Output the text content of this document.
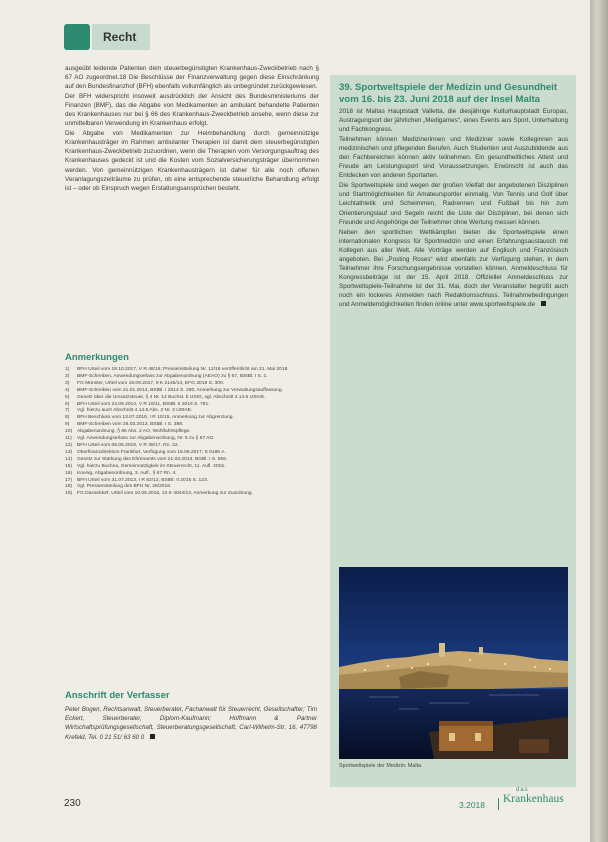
Recht

ausgeübt leidende Patienten dem steuerbegünstigten Krankenhaus-Zweckbetrieb nach § 67 AO zugeordnet.18 Die Beschlüsse der Finanzverwaltung gegen diese Einschränkung auf den Bundesfinanzhof (BFH) ebenfalls vollumfänglich als unbegründet zurückgewiesen.

Der BFH widerspricht insoweit ausdrücklich der Ansicht des Bundesministeriums der Finanzen (BMF), das die Abgabe von Medikamenten an ambulant behandelte Patienten des Krankenhauses nur bei § 66 des Krankenhaus-Zweckbetrieb ansehe, wenn diese zur unmittelbaren Verwendung im Krankenhaus erfolgt.

Die Abgabe von Medikamenten zur Heimbehandlung durch gemeinnützige Krankenhausträger im Rahmen ambulanter Therapien ist damit dem steuerbegünstigten Krankenhaus-Zweckbetrieb zuzuordnen, wenn die Therapien vom Versorgungsauftrag des Krankenhauses gedeckt ist und die Kosten vom Sozialversicherungsträger übernommen werden. Von gemeinnützigen Krankenhausträgern ist daher für alle noch offenen Veranlagungszeiträume zu prüfen, ob eine entsprechende steuerliche Behandlung erfolgt ist – oder ob Einspruch wegen Erstattungsansprüchen besteht.

Anmerkungen
1)	BFH Urteil vom 18.10.2017, V R 46/16; Pressemitteilung Nr. 12/18 veröffentlicht am 21. Mai 2018.
2)	BMF-Schreiben, Anwendungserlass zur Abgabenordnung (AEAO) zu § 67, BStBl. I S. 1.
3)	FG Münster, Urteil vom 18.09.2017, 9 K 2145/14, EFG 2018 S. 300.
4)	BMF-Schreiben vom 31.01.2014, BStBl. I 2014 S. 290, Anmerkung zur Verwaltungsauffassung.
5)	Gesetz über die Umsatzsteuer, § 4 Nr. 14 Buchst. b UStG, vgl. Abschnitt 4.14.5 UStAE.
6)	BFH Urteil vom 24.09.2014, V R 19/11, BStBl. II 2016 S. 781.
7)	Vgl. hierzu auch Abschnitt 4.14.6 Abs. 2 Nr. 3 UStAE.
8)	BFH Beschluss vom 13.07.2016, I R 10/15, Anmerkung zur Abgrenzung.
9)	BMF-Schreiben vom 26.03.2013, BStBl. I S. 388.
10)	Abgabenordnung, § 66 Abs. 2 AO, Wohlfahrtspflege.
11)	Vgl. Anwendungserlass zur Abgabenordnung, Nr. 5 zu § 67 AO.
12)	BFH Urteil vom 06.06.2019, V R 39/17, Rn. 22.
13)	Oberfinanzdirektion Frankfurt, Verfügung vom 15.06.2017, S 0186 A.
14)	Gesetz zur Stärkung des Ehrenamts vom 21.03.2013, BGBl. I S. 556.
15)	Vgl. hierzu Buchna, Gemeinnützigkeit im Steuerrecht, 11. Aufl. 2015.
16)	Koenig, Abgabenordnung, 3. Aufl., § 67 Rn. 4.
17)	BFH Urteil vom 31.07.2013, I R 82/12, BStBl. II 2015 S. 123.
18)	Vgl. Pressemitteilung des BFH Nr. 28/2018.
19)	FG Düsseldorf, Urteil vom 10.05.2016, 13 K 4044/13, Anmerkung zur Zuordnung.
Anschrift der Verfasser

Peter Bogen, Rechtsanwalt, Steuerberater, Fachanwalt für Steuerrecht, Gesellschafter; Tim Eckert, Steuerberater, Diplom-Kaufmann; Hoffmann & Partner Wirtschaftsprüfungsgesellschaft, Steuerberatungsgesellschaft, Carl-Wilhelm-Str. 16, 47798 Krefeld, Tel. 0 21 51/ 63 60 0

39. Sportweltspiele der Medizin und Gesundheit vom 16. bis 23. Juni 2018 auf der Insel Malta

2018 ist Maltas Hauptstadt Valletta, die diesjährige Kulturhauptstadt Europas, Austragungsort der jährlichen „Medigames“, eines Events aus Sport, Unterhaltung und Fachkongress.

Teilnehmen können Medizinerinnen und Mediziner sowie Kolleginnen aus medizinischen und pflegenden Berufen. Auch Studenten und Auszubildende aus den Fachbereichen können aktiv teilnehmen. Ein gesundheitliches Attest und Freude am Leistungssport sind Voraussetzungen. Erwünscht ist auch das Entdecken von anderen Sportarten.

Die Sportweltspiele sind wegen der großen Vielfalt der angebotenen Disziplinen und Startmöglichkeiten für Amateursportler einmalig. Von Tennis und Golf über Leichtathletik und Schwimmen, Radrennen und Fußball bis hin zum Orientierungslauf und Segeln reicht die Liste der Disziplinen, bei denen sich Freunde und Angehörige der Teilnehmer ohne Wertung messen können.

Neben den sportlichen Wettkämpfen bieten die Sportweltspiele einen internationalen Kongress für Sportmedizin und einen Erfahrungsaustausch mit Kollegen aus aller Welt. Alle Vorträge werden auf Englisch und Französisch angeboten. Bei „Posting Roses“ wird ebenfalls zur Verfügung stehen, in dem Teilnehmer ihre Forschungsergebnisse vorstellen können. Anmeldeschluss für Kongressbeiträge ist der 15. April 2018. Offizieller Anmeldeschluss zur Sportweltspiele-Teilnahme ist der 31. Mai, doch der Veranstalter begrüßt auch noch ein lockeres Anmelden nach Redaktionsschluss. Teilnahmebedingungen und Anmeldemöglichkeiten finden online unter www.sportweltspiele.de

Sportweltspiele der Medizin: Malta
230	3.2018
das
Krankenhaus
